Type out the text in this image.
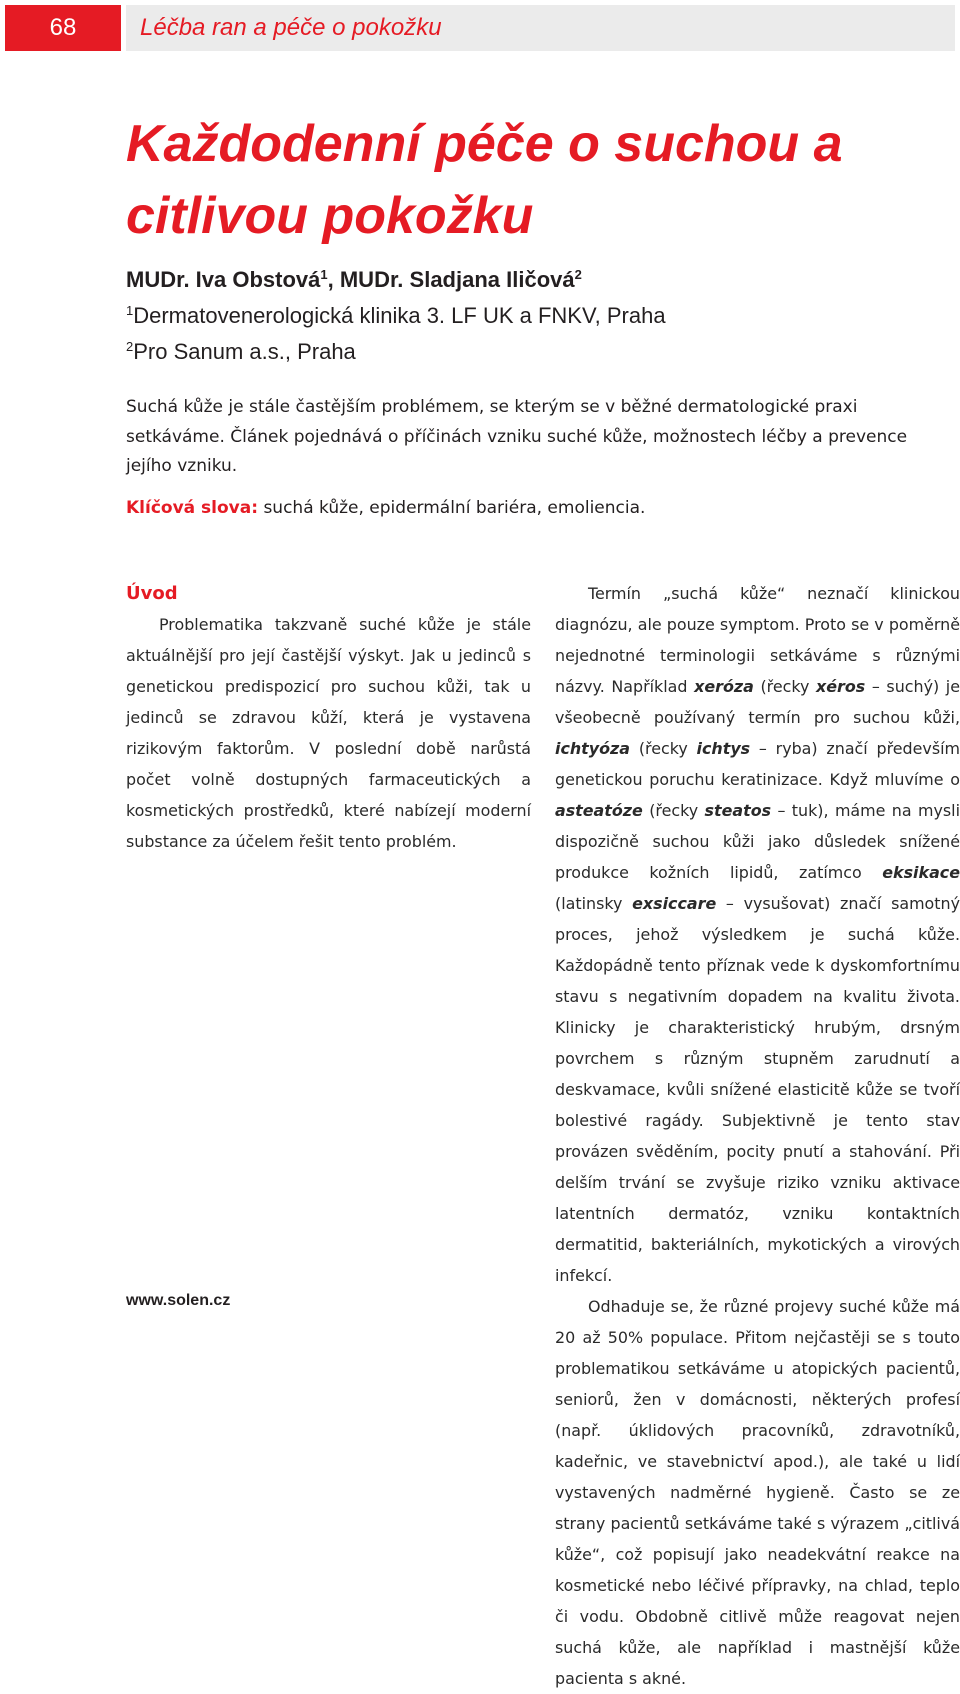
68	Léčba ran a péče o pokožku
Každodenní péče o suchou a citlivou pokožku
MUDr. Iva Obstová$^1$, MUDr. Sladjana Iličová$^2$
$^1$Dermatovenerologická klinika 3. LF UK a FNKV, Praha
$^2$Pro Sanum a.s., Praha

Suchá kůže je stále častějším problémem, se kterým se v běžné dermatologické praxi setkáváme. Článek pojednává o příčinách vzniku suché kůže, možnostech léčby a prevence jejího vzniku.

Klíčová slova: suchá kůže, epidermální bariéra, emoliencia.
Úvod

Problematika takzvaně suché kůže je stále aktuálnější pro její častější výskyt. Jak u jedinců s genetickou predispozicí pro suchou kůži, tak u jedinců se zdravou kůží, která je vystavena rizikovým faktorům. V poslední době narůstá počet volně dostupných farmaceutických a kosmetických prostředků, které nabízejí moderní substance za účelem řešit tento problém.

Termín „suchá kůže“ neznačí klinickou diagnózu, ale pouze symptom. Proto se v poměrně nejednotné terminologii setkáváme s různými názvy. Například xeróza (řecky xéros – suchý) je všeobecně používaný termín pro suchou kůži, ichtyóza (řecky ichtys – ryba) značí především genetickou poruchu keratinizace. Když mluvíme o asteatóze (řecky steatos – tuk), máme na mysli dispozičně suchou kůži jako důsledek snížené produkce kožních lipidů, zatímco eksikace (latinsky exsiccare – vysušovat) značí samotný proces, jehož výsledkem je suchá kůže. Každopádně tento příznak vede k dyskomfortnímu stavu s negativním dopadem na kvalitu života. Klinicky je charakteristický hrubým, drsným povrchem s různým stupněm zarudnutí a deskvamace, kvůli snížené elasticitě kůže se tvoří bolestivé ragády. Subjektivně je tento stav provázen svěděním, pocity pnutí a stahování. Při delším trvání se zvyšuje riziko vzniku aktivace latentních dermatóz, vzniku kontaktních dermatitid, bakteriálních, mykotických a virových infekcí.

Odhaduje se, že různé projevy suché kůže má 20 až 50% populace. Přitom nejčastěji se s touto problematikou setkáváme u atopických pacientů, seniorů, žen v domácnosti, některých profesí (např. úklidových pracovníků, zdravotníků, kadeřnic, ve stavebnictví apod.), ale také u lidí vystavených nadměrné hygieně. Často se ze strany pacientů setkáváme také s výrazem „citlivá kůže“, což popisují jako neadekvátní reakce na kosmetické nebo léčivé přípravky, na chlad, teplo či vodu. Obdobně citlivě může reagovat nejen suchá kůže, ale například i mastnější kůže pacienta s akné.

www.solen.cz
